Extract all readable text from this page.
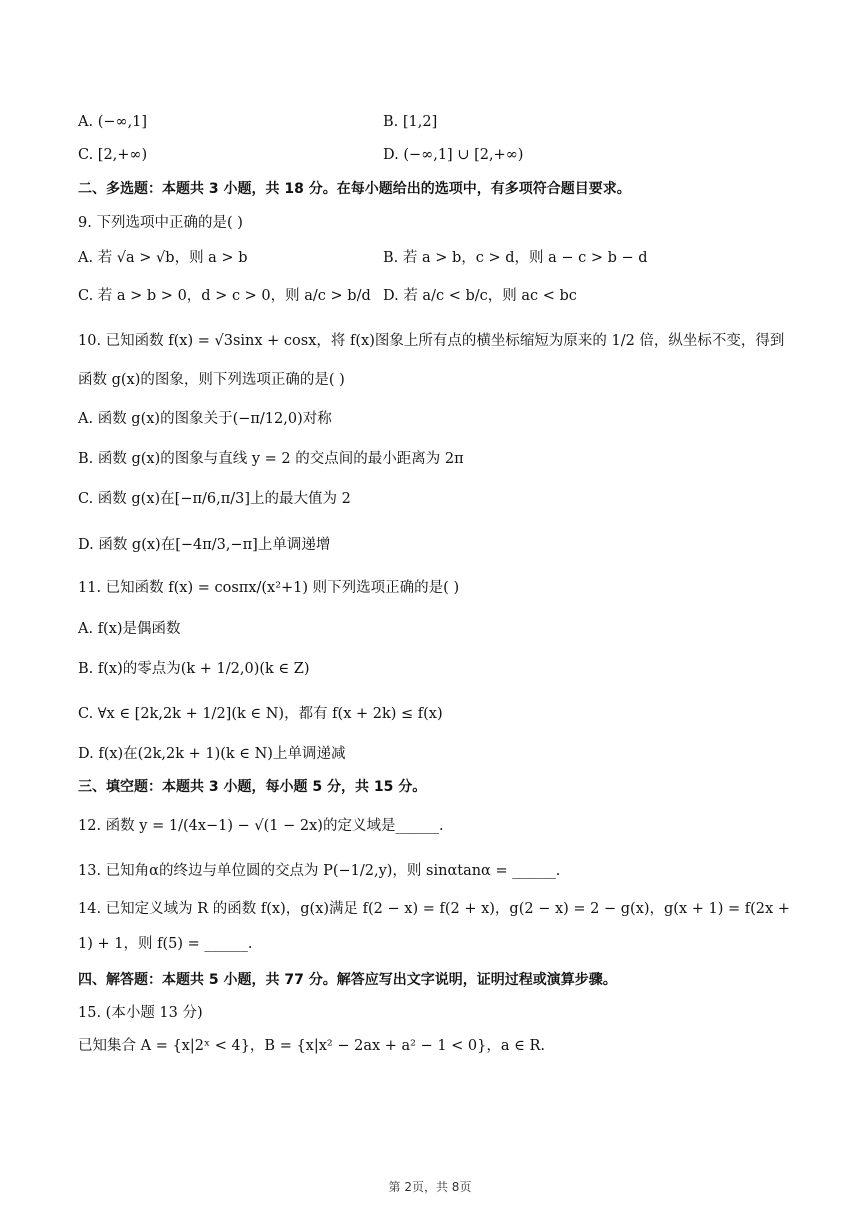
A. (−∞,1]	B. [1,2]
C. [2,+∞)	D. (−∞,1] ∪ [2,+∞)
二、多选题：本题共 3 小题，共 18 分。在每小题给出的选项中，有多项符合题目要求。
9. 下列选项中正确的是( )
A. 若 √a > √b，则 a > b	B. 若 a > b，c > d，则 a − c > b − d
C. 若 a > b > 0，d > c > 0，则 a/c > b/d D. 若 a/c < b/c，则 ac < bc
10. 已知函数 f(x) = √3sinx + cosx，将 f(x)图象上所有点的横坐标缩短为原来的 1/2 倍，纵坐标不变，得到
函数 g(x)的图象，则下列选项正确的是( )
A. 函数 g(x)的图象关于(−π/12,0)对称
B. 函数 g(x)的图象与直线 y = 2 的交点间的最小距离为 2π
C. 函数 g(x)在[−π/6,π/3]上的最大值为 2
D. 函数 g(x)在[−4π/3,−π]上单调递增
11. 已知函数 f(x) = cosπx/(x²+1) 则下列选项正确的是( )
A. f(x)是偶函数
B. f(x)的零点为(k + 1/2,0)(k ∈ Z)
C. ∀x ∈ [2k,2k + 1/2](k ∈ N)，都有 f(x + 2k) ≤ f(x)
D. f(x)在(2k,2k + 1)(k ∈ N)上单调递减
三、填空题：本题共 3 小题，每小题 5 分，共 15 分。
12. 函数 y = 1/(4x−1) − √(1 − 2x)的定义域是______.
13. 已知角α的终边与单位圆的交点为 P(−1/2,y)，则 sinαtanα = ______.
14. 已知定义域为 R 的函数 f(x)，g(x)满足 f(2 − x) = f(2 + x)，g(2 − x) = 2 − g(x)，g(x + 1) = f(2x +
1) + 1，则 f(5) = ______.
四、解答题：本题共 5 小题，共 77 分。解答应写出文字说明，证明过程或演算步骤。
15. (本小题 13 分)
已知集合 A = {x|2ˣ < 4}，B = {x|x² − 2ax + a² − 1 < 0}，a ∈ R.
第 2页，共 8页
